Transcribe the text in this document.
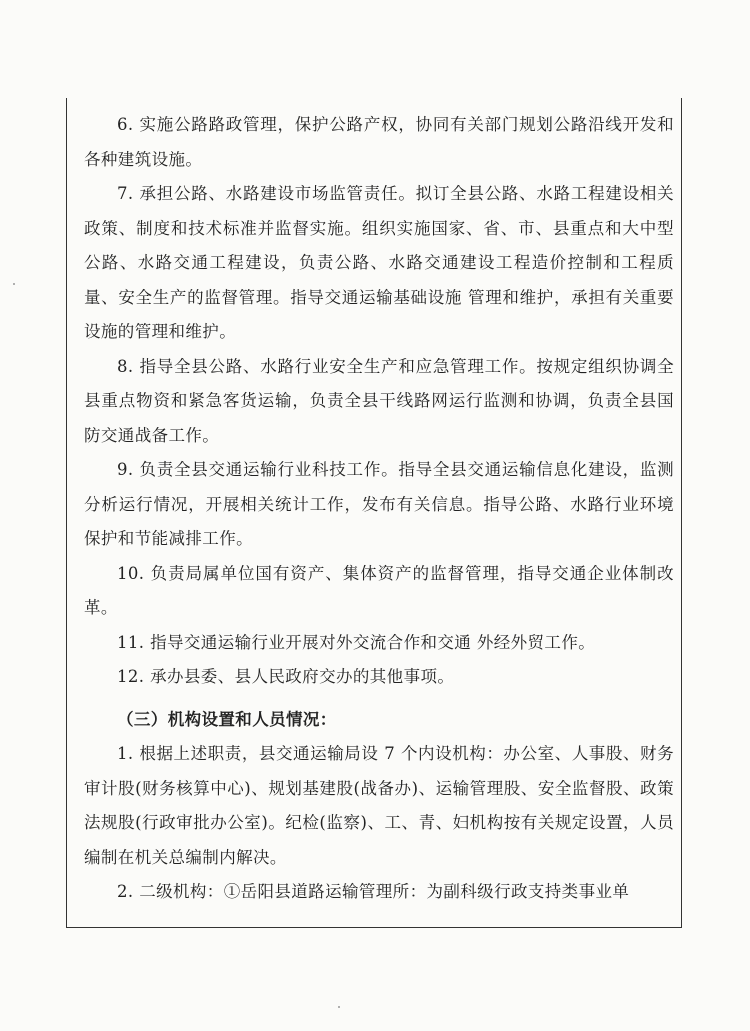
6. 实施公路路政管理，保护公路产权，协同有关部门规划公路沿线开发和各种建筑设施。

7. 承担公路、水路建设市场监管责任。拟订全县公路、水路工程建设相关政策、制度和技术标准并监督实施。组织实施国家、省、市、县重点和大中型公路、水路交通工程建设，负责公路、水路交通建设工程造价控制和工程质量、安全生产的监督管理。指导交通运输基础设施 管理和维护，承担有关重要设施的管理和维护。

8. 指导全县公路、水路行业安全生产和应急管理工作。按规定组织协调全县重点物资和紧急客货运输，负责全县干线路网运行监测和协调，负责全县国防交通战备工作。

9. 负责全县交通运输行业科技工作。指导全县交通运输信息化建设，监测分析运行情况，开展相关统计工作，发布有关信息。指导公路、水路行业环境保护和节能减排工作。

10. 负责局属单位国有资产、集体资产的监督管理，指导交通企业体制改革。

11. 指导交通运输行业开展对外交流合作和交通 外经外贸工作。

12. 承办县委、县人民政府交办的其他事项。

（三）机构设置和人员情况：

1. 根据上述职责，县交通运输局设 7 个内设机构：办公室、人事股、财务审计股(财务核算中心)、规划基建股(战备办)、运输管理股、安全监督股、政策法规股(行政审批办公室)。纪检(监察)、工、青、妇机构按有关规定设置，人员编制在机关总编制内解决。

2. 二级机构：①岳阳县道路运输管理所：为副科级行政支持类事业单
